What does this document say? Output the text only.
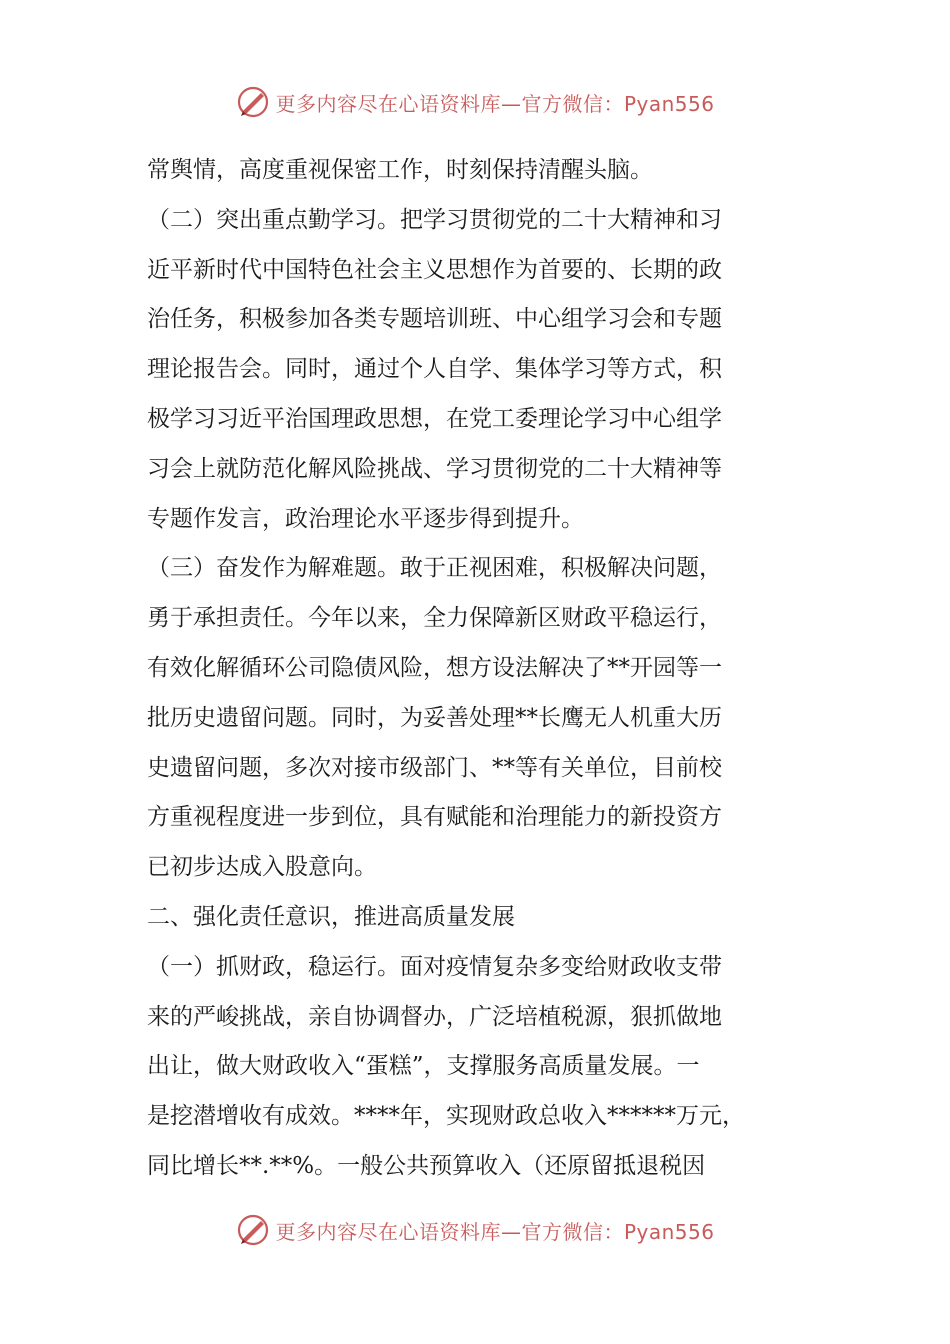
更多内容尽在心语资料库—官方微信：Pyan556
常舆情，高度重视保密工作，时刻保持清醒头脑。
（二）突出重点勤学习。把学习贯彻党的二十大精神和习
近平新时代中国特色社会主义思想作为首要的、长期的政
治任务，积极参加各类专题培训班、中心组学习会和专题
理论报告会。同时，通过个人自学、集体学习等方式，积
极学习习近平治国理政思想，在党工委理论学习中心组学
习会上就防范化解风险挑战、学习贯彻党的二十大精神等
专题作发言，政治理论水平逐步得到提升。
（三）奋发作为解难题。敢于正视困难，积极解决问题，
勇于承担责任。今年以来，全力保障新区财政平稳运行，
有效化解循环公司隐债风险，想方设法解决了**开园等一
批历史遗留问题。同时，为妥善处理**长鹰无人机重大历
史遗留问题，多次对接市级部门、**等有关单位，目前校
方重视程度进一步到位，具有赋能和治理能力的新投资方
已初步达成入股意向。
二、强化责任意识，推进高质量发展
（一）抓财政，稳运行。面对疫情复杂多变给财政收支带
来的严峻挑战，亲自协调督办，广泛培植税源，狠抓做地
出让，做大财政收入“蛋糕”，支撑服务高质量发展。一
是挖潜增收有成效。****年，实现财政总收入******万元，
同比增长**.**%。一般公共预算收入（还原留抵退税因
更多内容尽在心语资料库—官方微信：Pyan556
